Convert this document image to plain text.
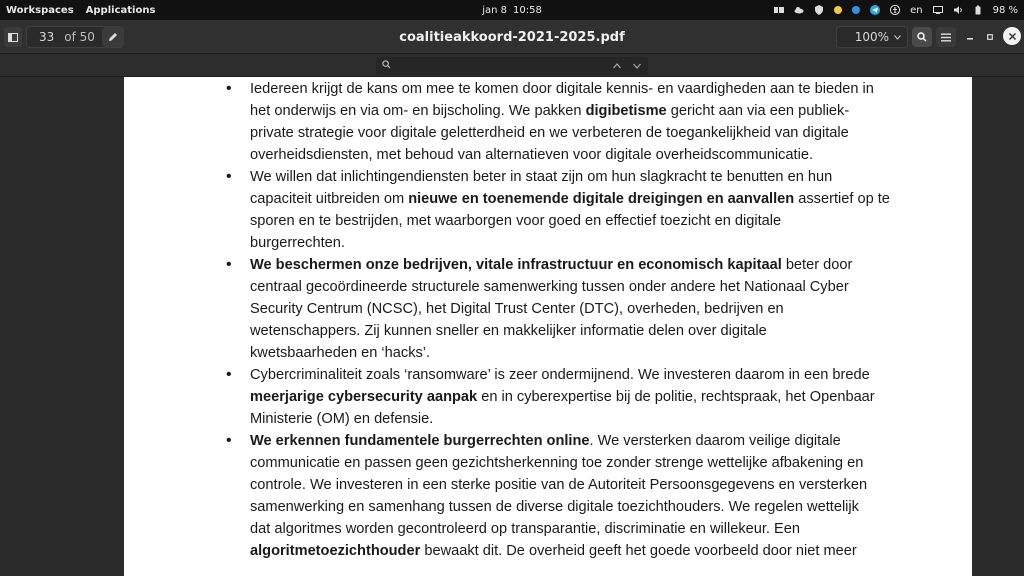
Workspaces Applications	jan 8 10:58	en	98 %
33 of 50	coalitieakkoord-2021-2025.pdf	100%
• Iedereen krijgt de kans om mee te komen door digitale kennis- en vaardigheden aan te bieden in
het onderwijs en via om- en bijscholing. We pakken digibetisme gericht aan via een publiek-
private strategie voor digitale geletterdheid en we verbeteren de toegankelijkheid van digitale
overheidsdiensten, met behoud van alternatieven voor digitale overheidscommunicatie.
• We willen dat inlichtingendiensten beter in staat zijn om hun slagkracht te benutten en hun
capaciteit uitbreiden om nieuwe en toenemende digitale dreigingen en aanvallen assertief op te
sporen en te bestrijden, met waarborgen voor goed en effectief toezicht en digitale
burgerrechten.
• We beschermen onze bedrijven, vitale infrastructuur en economisch kapitaal beter door
centraal gecoördineerde structurele samenwerking tussen onder andere het Nationaal Cyber
Security Centrum (NCSC), het Digital Trust Center (DTC), overheden, bedrijven en
wetenschappers. Zij kunnen sneller en makkelijker informatie delen over digitale
kwetsbaarheden en ‘hacks’.
• Cybercriminaliteit zoals ‘ransomware’ is zeer ondermijnend. We investeren daarom in een brede
meerjarige cybersecurity aanpak en in cyberexpertise bij de politie, rechtspraak, het Openbaar
Ministerie (OM) en defensie.
• We erkennen fundamentele burgerrechten online. We versterken daarom veilige digitale
communicatie en passen geen gezichtsherkenning toe zonder strenge wettelijke afbakening en
controle. We investeren in een sterke positie van de Autoriteit Persoonsgegevens en versterken
samenwerking en samenhang tussen de diverse digitale toezichthouders. We regelen wettelijk
dat algoritmes worden gecontroleerd op transparantie, discriminatie en willekeur. Een
algoritmetoezichthouder bewaakt dit. De overheid geeft het goede voorbeeld door niet meer
